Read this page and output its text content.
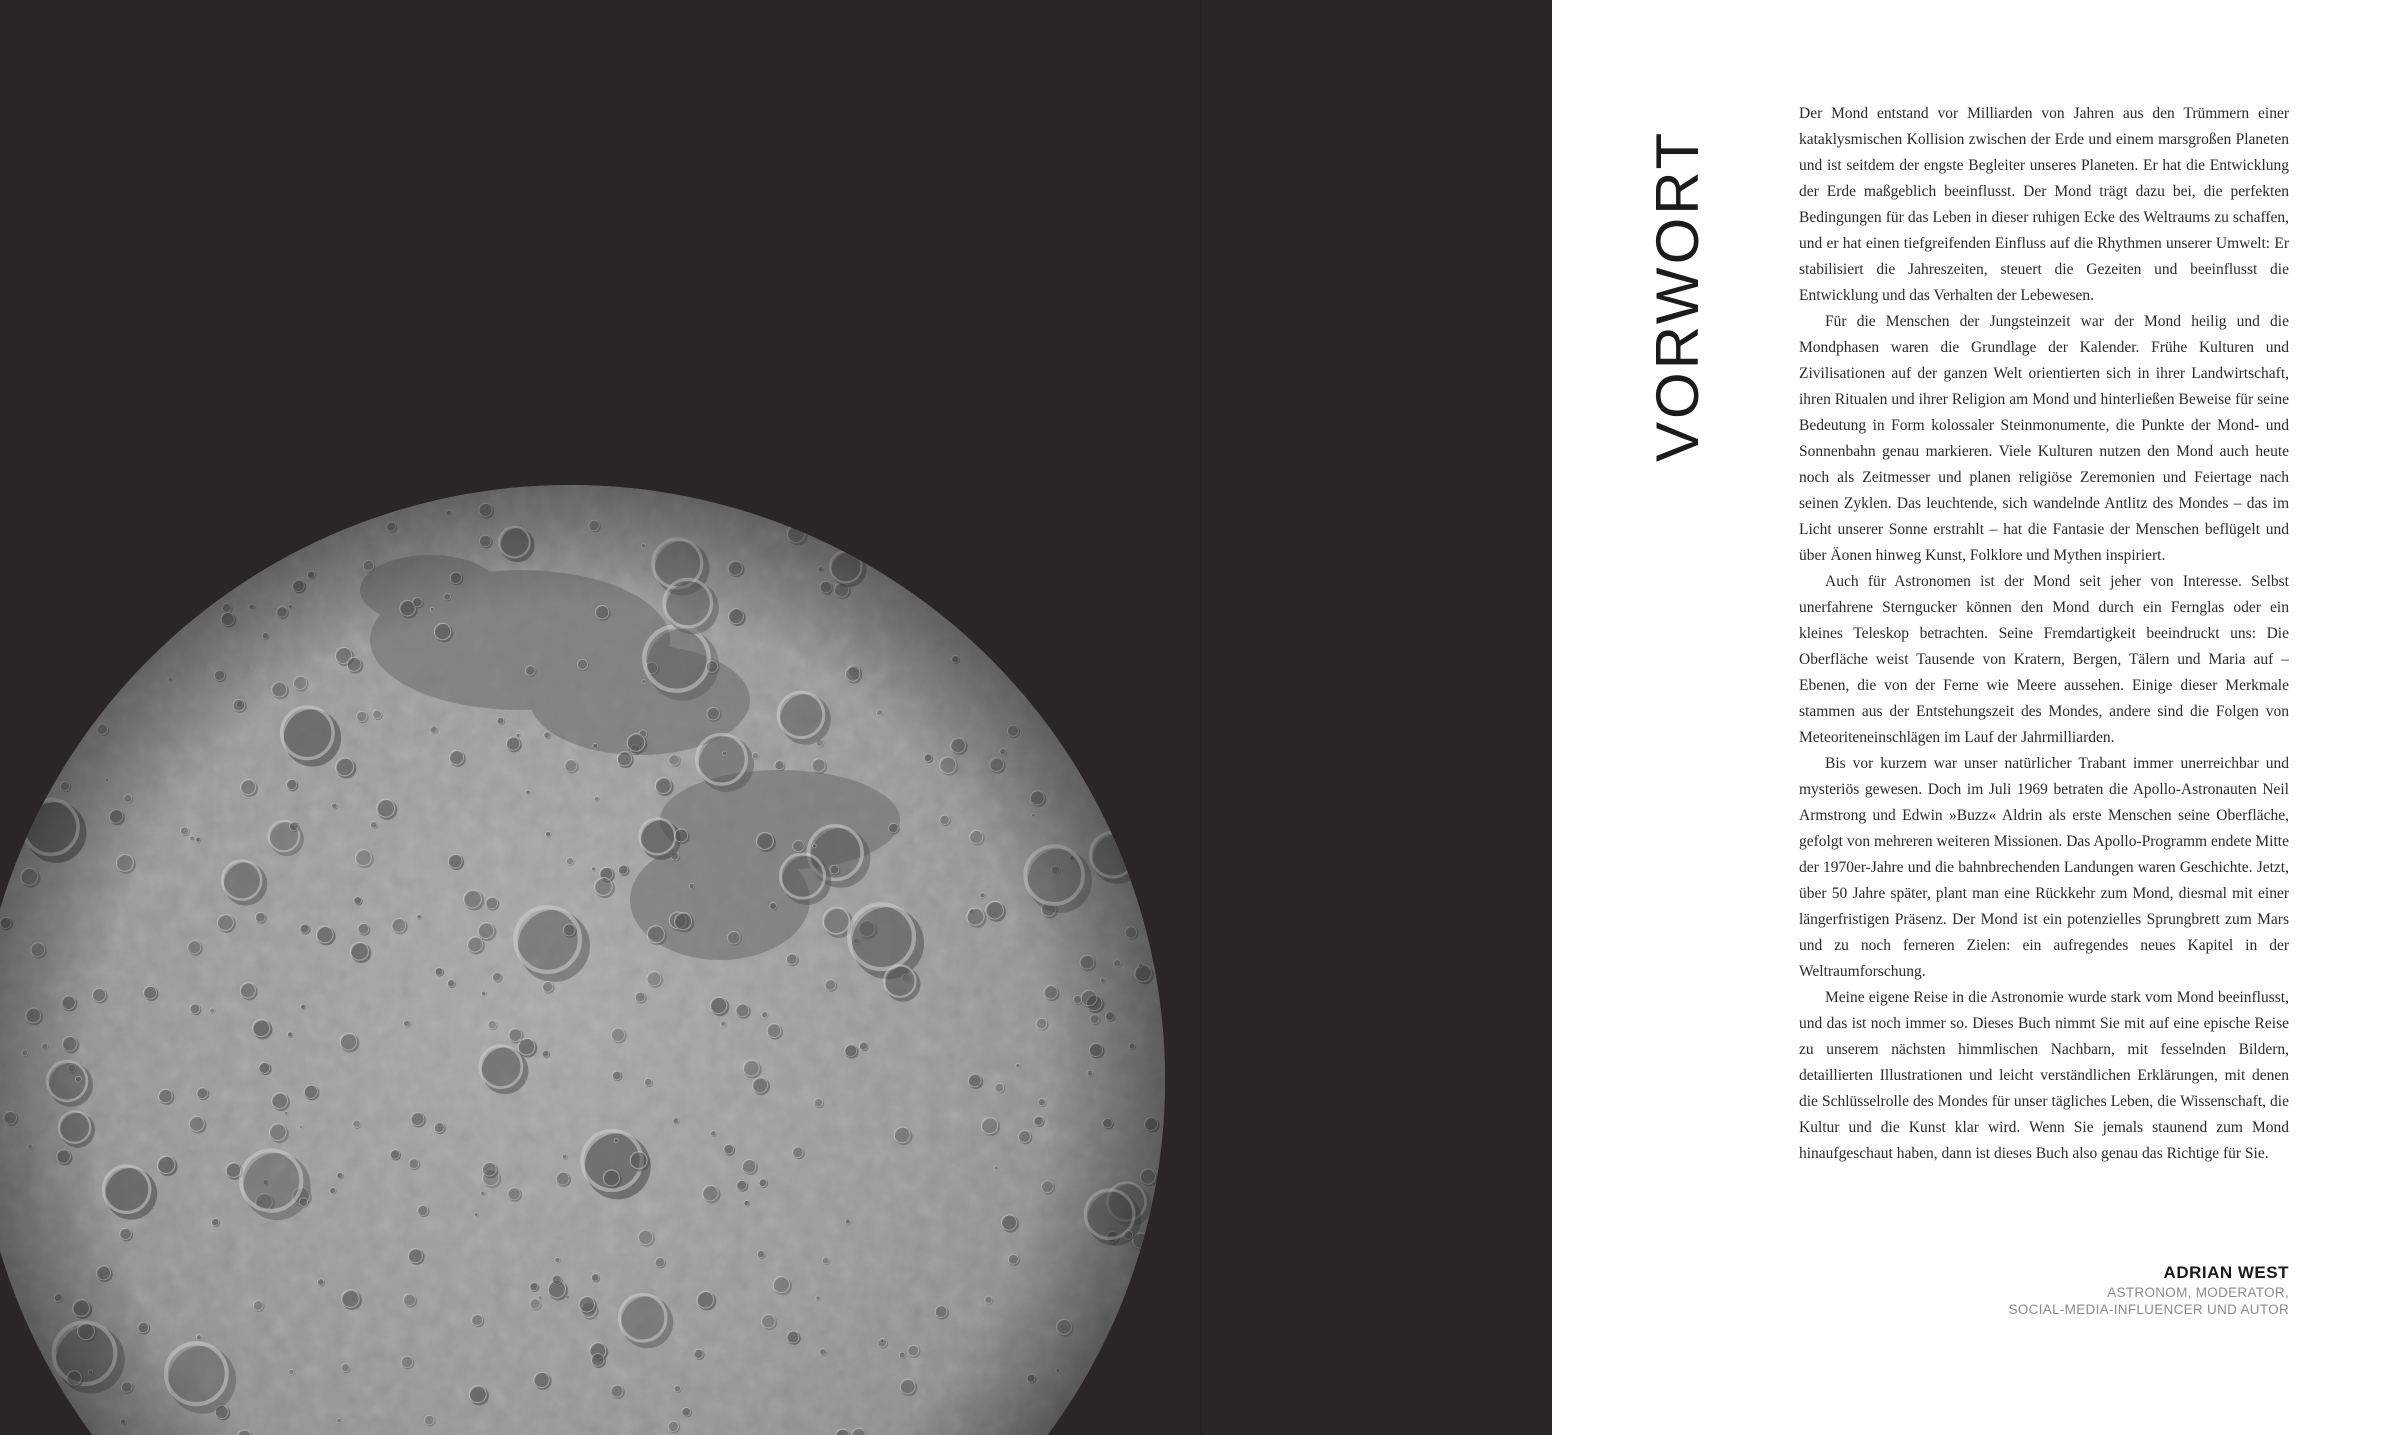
VORWORT

Der Mond entstand vor Milliarden von Jahren aus den Trümmern einer kataklysmischen Kollision zwischen der Erde und einem marsgroßen Planeten und ist seitdem der engste Begleiter unseres Planeten. Er hat die Entwicklung der Erde maßgeblich beeinflusst. Der Mond trägt dazu bei, die perfekten Bedingungen für das Leben in dieser ruhigen Ecke des Weltraums zu schaffen, und er hat einen tiefgreifenden Einfluss auf die Rhythmen unserer Umwelt: Er stabilisiert die Jahreszeiten, steuert die Gezeiten und beeinflusst die Entwicklung und das Verhalten der Lebewesen.

Für die Menschen der Jungsteinzeit war der Mond heilig und die Mondphasen waren die Grundlage der Kalender. Frühe Kulturen und Zivilisationen auf der ganzen Welt orientierten sich in ihrer Landwirtschaft, ihren Ritualen und ihrer Religion am Mond und hinterließen Beweise für seine Bedeutung in Form kolossaler Steinmonumente, die Punkte der Mond- und Sonnenbahn genau markieren. Viele Kulturen nutzen den Mond auch heute noch als Zeitmesser und planen religiöse Zeremonien und Feiertage nach seinen Zyklen. Das leuchtende, sich wandelnde Antlitz des Mondes – das im Licht unserer Sonne erstrahlt – hat die Fantasie der Menschen beflügelt und über Äonen hinweg Kunst, Folklore und Mythen inspiriert.

Auch für Astronomen ist der Mond seit jeher von Interesse. Selbst unerfahrene Sterngucker können den Mond durch ein Fernglas oder ein kleines Teleskop betrachten. Seine Fremdartigkeit beeindruckt uns: Die Oberfläche weist Tausende von Kratern, Bergen, Tälern und Maria auf – Ebenen, die von der Ferne wie Meere aussehen. Einige dieser Merkmale stammen aus der Entstehungszeit des Mondes, andere sind die Folgen von Meteoriteneinschlägen im Lauf der Jahrmilliarden.

Bis vor kurzem war unser natürlicher Trabant immer unerreichbar und mysteriös gewesen. Doch im Juli 1969 betraten die Apollo-Astronauten Neil Armstrong und Edwin »Buzz« Aldrin als erste Menschen seine Oberfläche, gefolgt von mehreren weiteren Missionen. Das Apollo-Programm endete Mitte der 1970er-Jahre und die bahnbrechenden Landungen waren Geschichte. Jetzt, über 50 Jahre später, plant man eine Rückkehr zum Mond, diesmal mit einer längerfristigen Präsenz. Der Mond ist ein potenzielles Sprungbrett zum Mars und zu noch ferneren Zielen: ein aufregendes neues Kapitel in der Weltraumforschung.

Meine eigene Reise in die Astronomie wurde stark vom Mond beeinflusst, und das ist noch immer so. Dieses Buch nimmt Sie mit auf eine epische Reise zu unserem nächsten himmlischen Nachbarn, mit fesselnden Bildern, detaillierten Illustrationen und leicht verständlichen Erklärungen, mit denen die Schlüsselrolle des Mondes für unser tägliches Leben, die Wissenschaft, die Kultur und die Kunst klar wird. Wenn Sie jemals staunend zum Mond hinaufgeschaut haben, dann ist dieses Buch also genau das Richtige für Sie.

ADRIAN WEST
ASTRONOM, MODERATOR,
SOCIAL-MEDIA-INFLUENCER UND AUTOR
